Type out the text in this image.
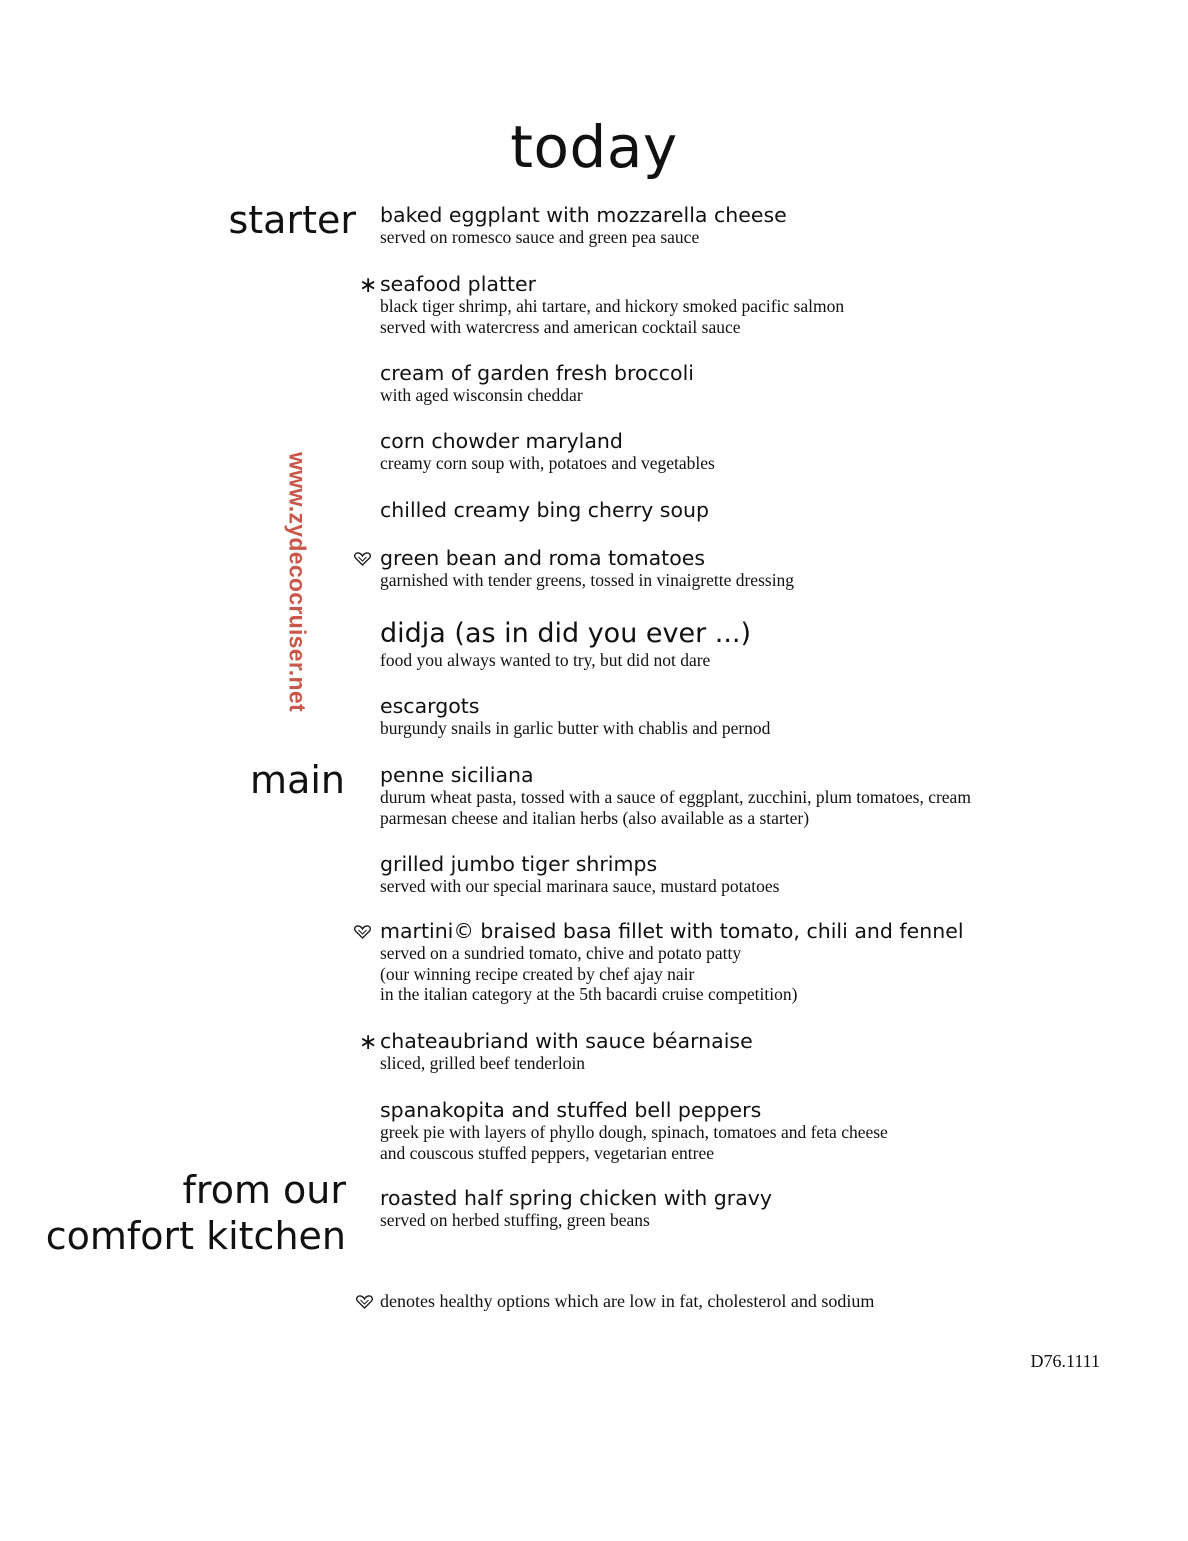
today
www.zydecocruiser.net
starter
main
from our
comfort kitchen
baked eggplant with mozzarella cheese
served on romesco sauce and green pea sauce
∗ seafood platter
black tiger shrimp, ahi tartare, and hickory smoked pacific salmon
served with watercress and american cocktail sauce
cream of garden fresh broccoli
with aged wisconsin cheddar
corn chowder maryland
creamy corn soup with, potatoes and vegetables
chilled creamy bing cherry soup
green bean and roma tomatoes
garnished with tender greens, tossed in vinaigrette dressing
didja (as in did you ever ...)
food you always wanted to try, but did not dare
escargots
burgundy snails in garlic butter with chablis and pernod
penne siciliana
durum wheat pasta, tossed with a sauce of eggplant, zucchini, plum tomatoes, cream
parmesan cheese and italian herbs (also available as a starter)
grilled jumbo tiger shrimps
served with our special marinara sauce, mustard potatoes
martini© braised basa fillet with tomato, chili and fennel
served on a sundried tomato, chive and potato patty
(our winning recipe created by chef ajay nair
in the italian category at the 5th bacardi cruise competition)
∗ chateaubriand with sauce béarnaise
sliced, grilled beef tenderloin
spanakopita and stuffed bell peppers
greek pie with layers of phyllo dough, spinach, tomatoes and feta cheese
and couscous stuffed peppers, vegetarian entree
roasted half spring chicken with gravy
served on herbed stuffing, green beans
denotes healthy options which are low in fat, cholesterol and sodium
D76.1111
